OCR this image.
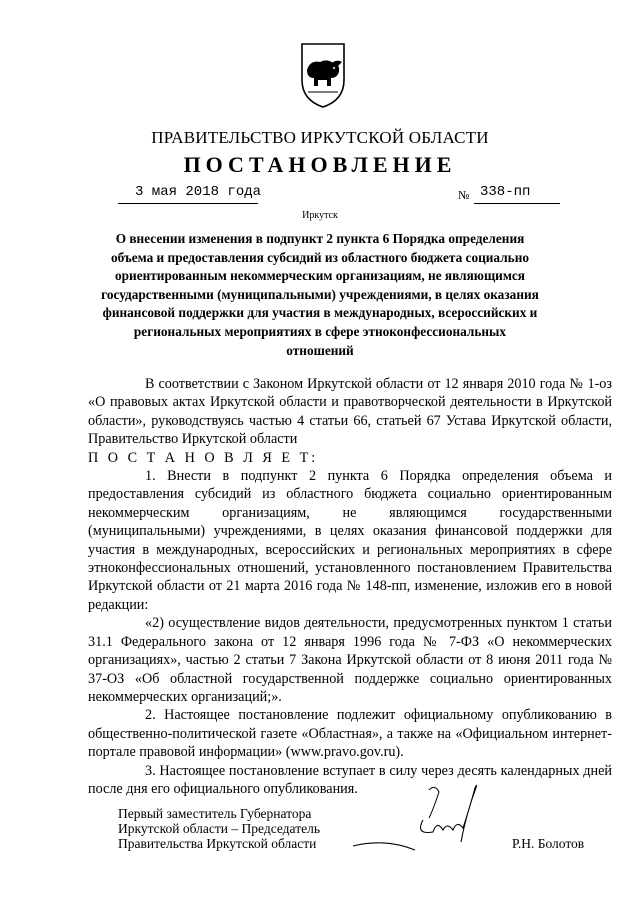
ПРАВИТЕЛЬСТВО ИРКУТСКОЙ ОБЛАСТИ
ПОСТАНОВЛЕНИЕ
3 мая 2018 года	№ 338-пп
Иркутск
О внесении изменения в подпункт 2 пункта 6 Порядка определения объема и предоставления субсидий из областного бюджета социально ориентированным некоммерческим организациям, не являющимся государственными (муниципальными) учреждениями, в целях оказания финансовой поддержки для участия в международных, всероссийских и региональных мероприятиях в сфере этноконфессиональных отношений

В соответствии с Законом Иркутской области от 12 января 2010 года № 1-оз «О правовых актах Иркутской области и правотворческой деятельности в Иркутской области», руководствуясь частью 4 статьи 66, статьей 67 Устава Иркутской области, Правительство Иркутской области

П О С Т А Н О В Л Я Е Т:

1. Внести в подпункт 2 пункта 6 Порядка определения объема и предоставления субсидий из областного бюджета социально ориентированным некоммерческим организациям, не являющимся государственными (муниципальными) учреждениями, в целях оказания финансовой поддержки для участия в международных, всероссийских и региональных мероприятиях в сфере этноконфессиональных отношений, установленного постановлением Правительства Иркутской области от 21 марта 2016 года № 148-пп, изменение, изложив его в новой редакции:

«2) осуществление видов деятельности, предусмотренных пунктом 1 статьи 31.1 Федерального закона от 12 января 1996 года № 7-ФЗ «О некоммерческих организациях», частью 2 статьи 7 Закона Иркутской области от 8 июня 2011 года № 37-ОЗ «Об областной государственной поддержке социально ориентированных некоммерческих организаций;».

2. Настоящее постановление подлежит официальному опубликованию в общественно-политической газете «Областная», а также на «Официальном интернет-портале правовой информации» (www.pravo.gov.ru).

3. Настоящее постановление вступает в силу через десять календарных дней после дня его официального опубликования.

Первый заместитель Губернатора
Иркутской области – Председатель
Правительства Иркутской области	Р.Н. Болотов
